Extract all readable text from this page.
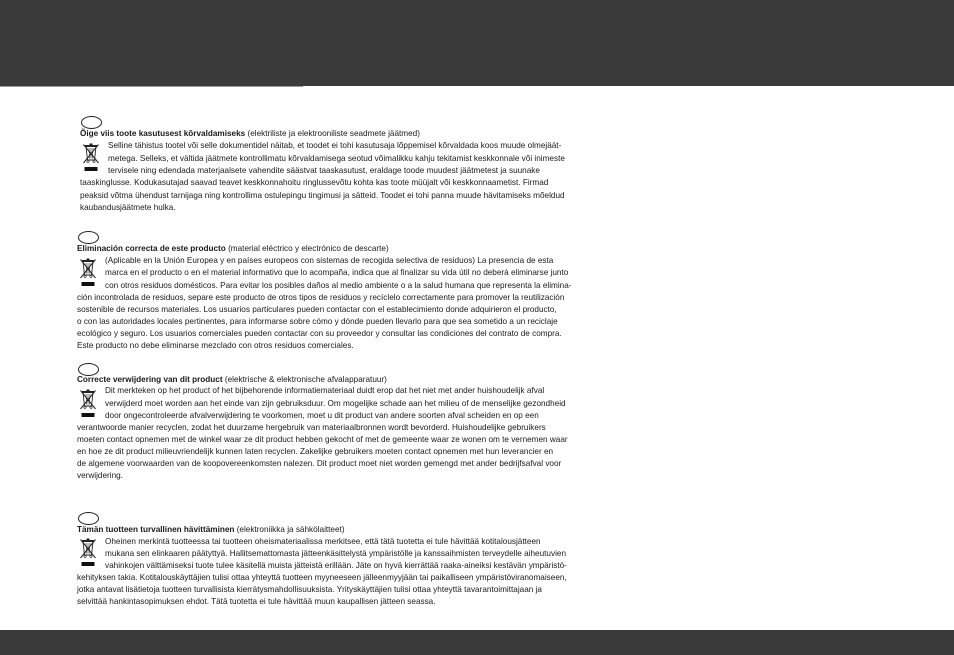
Õige viis toote kasutusest kõrvaldamiseks (elektriliste ja elektrooniliste seadmete jäätmed)
Selline tähistus tootel või selle dokumentidel näitab, et toodet ei tohi kasutusaja lõppemisel kõrvaldada koos muude olmejäät-
metega. Selleks, et vältida jäätmete kontrollimatu kõrvaldamisega seotud võimalikku kahju tekitamist keskkonnale või inimeste
tervisele ning edendada materjaalsete vahendite säästvat taaskasutust, eraldage toode muudest jäätmetest ja suunake
taaskinglusse. Kodukasutajad saavad teavet keskkonnahoitu ringlussevõtu kohta kas toote müüjalt või keskkonnaametist. Firmad
peaksid võtma ühendust tarnijaga ning kontrollima ostulepingu tingimusi ja sätteid. Toodet ei tohi panna muude hävitamiseks mõeldud
kaubandusjäätmete hulka.
Eliminación correcta de este producto (material eléctrico y electrónico de descarte)
(Aplicable en la Unión Europea y en países europeos con sistemas de recogida selectiva de residuos) La presencia de esta
marca en el producto o en el material informativo que lo acompaña, indica que al finalizar su vida útil no deberá eliminarse junto
con otros residuos domésticos. Para evitar los posibles daños al medio ambiente o a la salud humana que representa la elimina-
ción incontrolada de residuos, separe este producto de otros tipos de residuos y recíclelo correctamente para promover la reutilización
sostenible de recursos materiales. Los usuarios particulares pueden contactar con el establecimiento donde adquirieron el producto,
o con las autoridades locales pertinentes, para informarse sobre cómo y dónde pueden llevarlo para que sea sometido a un reciclaje
ecológico y seguro. Los usuarios comerciales pueden contactar con su proveedor y consultar las condiciones del contrato de compra.
Este producto no debe eliminarse mezclado con otros residuos comerciales.
Correcte verwijdering van dit product (elektrische & elektronische afvalapparatuur)
Dit merkteken op het product of het bijbehorende informatiemateriaal duidt erop dat het niet met ander huishoudelijk afval
verwijderd moet worden aan het einde van zijn gebruiksduur. Om mogelijke schade aan het milieu of de menselijke gezondheid
door ongecontroleerde afvalverwijdering te voorkomen, moet u dit product van andere soorten afval scheiden en op een
verantwoorde manier recyclen, zodat het duurzame hergebruik van materiaalbronnen wordt bevorderd. Huishoudelijke gebruikers
moeten contact opnemen met de winkel waar ze dit product hebben gekocht of met de gemeente waar ze wonen om te vernemen waar
en hoe ze dit product milieuvriendelijk kunnen laten recyclen. Zakelijke gebruikers moeten contact opnemen met hun leverancier en
de algemene voorwaarden van de koopovereenkomsten nalezen. Dit product moet niet worden gemengd met ander bedrijfsafval voor
verwijdering.
Tämän tuotteen turvallinen hävittäminen (elektroniikka ja sähkölaitteet)
Oheinen merkintä tuotteessa tai tuotteen oheismateriaalissa merkitsee, että tätä tuotetta ei tule hävittää kotitalousjätteen
mukana sen elinkaaren päätyttyä. Hallitsemattomasta jätteenkäsittelystä ympäristölle ja kanssaihmisten terveydelle aiheutuvien
vahinkojen välttämiseksi tuote tulee käsitellä muista jätteistä erillään. Jäte on hyvä kierrättää raaka-aineiksi kestävän ympäristö-
kehityksen takia. Kotitalouskäyttäjien tulisi ottaa yhteyttä tuotteen myyneeseen jälleenmyyjään tai paikalliseen ympäristöviranomaiseen,
jotka antavat lisätietoja tuotteen turvallisista kierrätysmahdollisuuksista. Yrityskäyttäjien tulisi ottaa yhteyttä tavarantoimittajaan ja
selvittää hankintasopimuksen ehdot. Tätä tuotetta ei tule hävittää muun kaupallisen jätteen seassa.
